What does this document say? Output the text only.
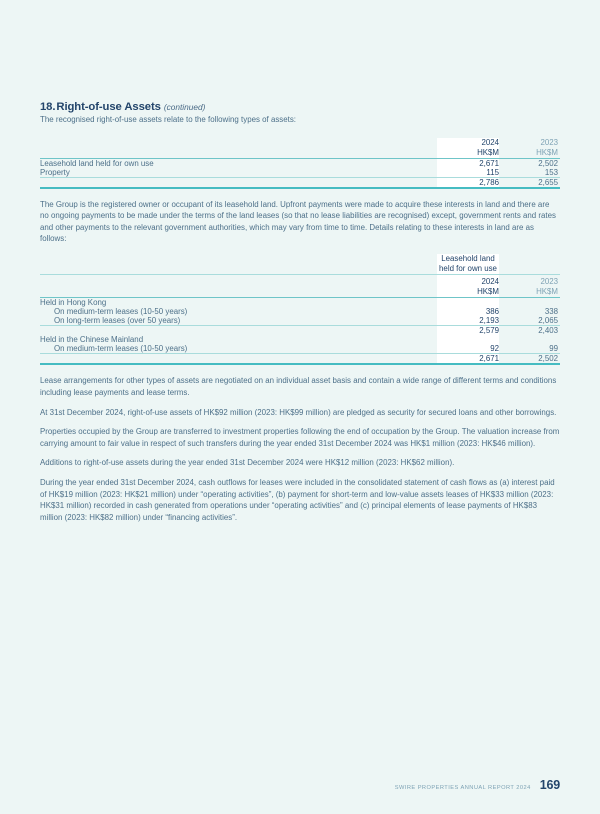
18.Right-of-use Assets (continued)

The recognised right-of-use assets relate to the following types of assets:

	2024	2023
	HK$M	HK$M
Leasehold land held for own use	2,671	2,502
Property	115	153
	2,786	2,655

The Group is the registered owner or occupant of its leasehold land. Upfront payments were made to acquire these interests in land and there are no ongoing payments to be made under the terms of the land leases (so that no lease liabilities are recognised) except, government rents and rates and other payments to the relevant government authorities, which may vary from time to time. Details relating to these interests in land are as follows:

	Leasehold land	
	held for own use	

	2024	2023
	HK$M	HK$M
Held in Hong Kong		
On medium-term leases (10-50 years)	386	338
On long-term leases (over 50 years)	2,193	2,065
	2,579	2,403
Held in the Chinese Mainland		
On medium-term leases (10-50 years)	92	99
	2,671	2,502

Lease arrangements for other types of assets are negotiated on an individual asset basis and contain a wide range of different terms and conditions including lease payments and lease terms.

At 31st December 2024, right-of-use assets of HK$92 million (2023: HK$99 million) are pledged as security for secured loans and other borrowings.

Properties occupied by the Group are transferred to investment properties following the end of occupation by the Group. The valuation increase from carrying amount to fair value in respect of such transfers during the year ended 31st December 2024 was HK$1 million (2023: HK$46 million).

Additions to right-of-use assets during the year ended 31st December 2024 were HK$12 million (2023: HK$62 million).

During the year ended 31st December 2024, cash outflows for leases were included in the consolidated statement of cash flows as (a) interest paid of HK$19 million (2023: HK$21 million) under “operating activities”, (b) payment for short-term and low-value assets leases of HK$33 million (2023: HK$31 million) recorded in cash generated from operations under “operating activities” and (c) principal elements of lease payments of HK$83 million (2023: HK$82 million) under “financing activities”.

SWIRE PROPERTIES ANNUAL REPORT 2024 169
